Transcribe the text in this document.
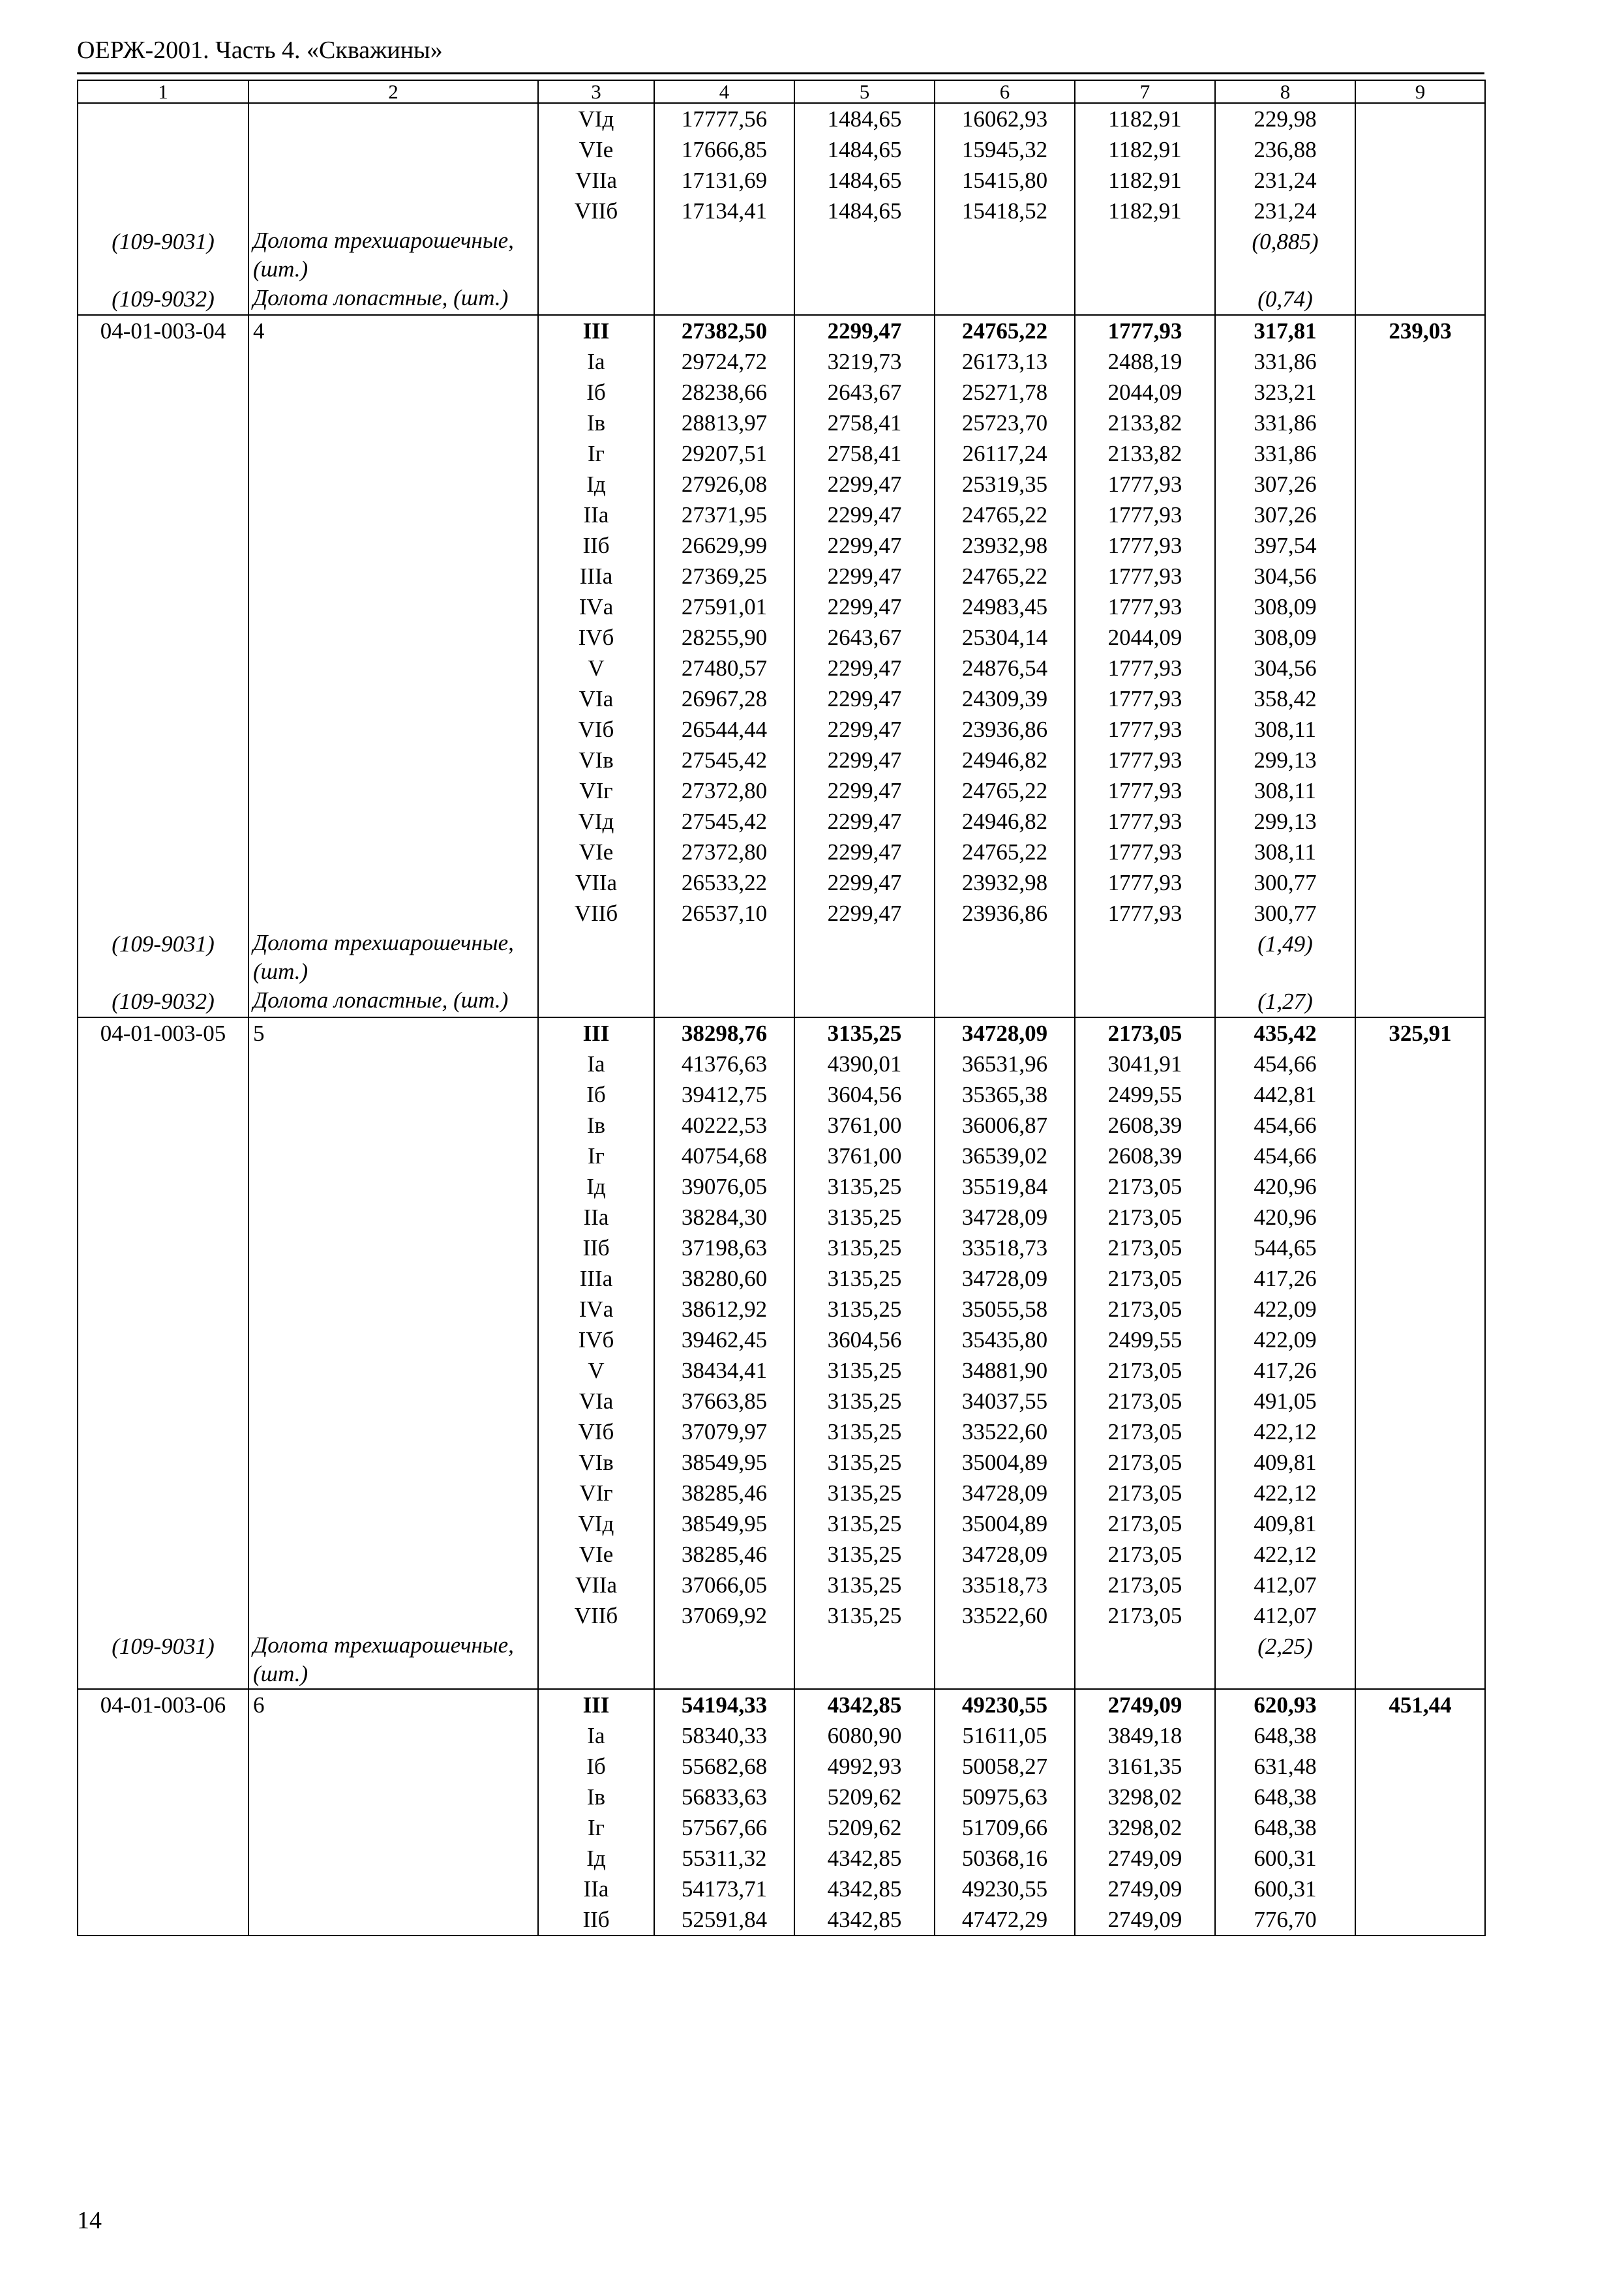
ОЕРЖ-2001. Часть 4. «Скважины»
1	2	3	4	5	6	7	8	9
		VIд	17777,56	1484,65	16062,93	1182,91	229,98	
		VIе	17666,85	1484,65	15945,32	1182,91	236,88	
		VIIа	17131,69	1484,65	15415,80	1182,91	231,24	
		VIIб	17134,41	1484,65	15418,52	1182,91	231,24	
(109-9031)	Долота трехшарошечные, (шт.)						(0,885)	
(109-9032)	Долота лопастные, (шт.)						(0,74)	
04-01-003-04	4	III	27382,50	2299,47	24765,22	1777,93	317,81	239,03
		Iа	29724,72	3219,73	26173,13	2488,19	331,86	
		Iб	28238,66	2643,67	25271,78	2044,09	323,21	
		Iв	28813,97	2758,41	25723,70	2133,82	331,86	
		Iг	29207,51	2758,41	26117,24	2133,82	331,86	
		Iд	27926,08	2299,47	25319,35	1777,93	307,26	
		IIа	27371,95	2299,47	24765,22	1777,93	307,26	
		IIб	26629,99	2299,47	23932,98	1777,93	397,54	
		IIIа	27369,25	2299,47	24765,22	1777,93	304,56	
		IVа	27591,01	2299,47	24983,45	1777,93	308,09	
		IVб	28255,90	2643,67	25304,14	2044,09	308,09	
		V	27480,57	2299,47	24876,54	1777,93	304,56	
		VIа	26967,28	2299,47	24309,39	1777,93	358,42	
		VIб	26544,44	2299,47	23936,86	1777,93	308,11	
		VIв	27545,42	2299,47	24946,82	1777,93	299,13	
		VIг	27372,80	2299,47	24765,22	1777,93	308,11	
		VIд	27545,42	2299,47	24946,82	1777,93	299,13	
		VIе	27372,80	2299,47	24765,22	1777,93	308,11	
		VIIа	26533,22	2299,47	23932,98	1777,93	300,77	
		VIIб	26537,10	2299,47	23936,86	1777,93	300,77	
(109-9031)	Долота трехшарошечные, (шт.)						(1,49)	
(109-9032)	Долота лопастные, (шт.)						(1,27)	
04-01-003-05	5	III	38298,76	3135,25	34728,09	2173,05	435,42	325,91
		Iа	41376,63	4390,01	36531,96	3041,91	454,66	
		Iб	39412,75	3604,56	35365,38	2499,55	442,81	
		Iв	40222,53	3761,00	36006,87	2608,39	454,66	
		Iг	40754,68	3761,00	36539,02	2608,39	454,66	
		Iд	39076,05	3135,25	35519,84	2173,05	420,96	
		IIа	38284,30	3135,25	34728,09	2173,05	420,96	
		IIб	37198,63	3135,25	33518,73	2173,05	544,65	
		IIIа	38280,60	3135,25	34728,09	2173,05	417,26	
		IVа	38612,92	3135,25	35055,58	2173,05	422,09	
		IVб	39462,45	3604,56	35435,80	2499,55	422,09	
		V	38434,41	3135,25	34881,90	2173,05	417,26	
		VIа	37663,85	3135,25	34037,55	2173,05	491,05	
		VIб	37079,97	3135,25	33522,60	2173,05	422,12	
		VIв	38549,95	3135,25	35004,89	2173,05	409,81	
		VIг	38285,46	3135,25	34728,09	2173,05	422,12	
		VIд	38549,95	3135,25	35004,89	2173,05	409,81	
		VIе	38285,46	3135,25	34728,09	2173,05	422,12	
		VIIа	37066,05	3135,25	33518,73	2173,05	412,07	
		VIIб	37069,92	3135,25	33522,60	2173,05	412,07	
(109-9031)	Долота трехшарошечные, (шт.)						(2,25)	
04-01-003-06	6	III	54194,33	4342,85	49230,55	2749,09	620,93	451,44
		Iа	58340,33	6080,90	51611,05	3849,18	648,38	
		Iб	55682,68	4992,93	50058,27	3161,35	631,48	
		Iв	56833,63	5209,62	50975,63	3298,02	648,38	
		Iг	57567,66	5209,62	51709,66	3298,02	648,38	
		Iд	55311,32	4342,85	50368,16	2749,09	600,31	
		IIа	54173,71	4342,85	49230,55	2749,09	600,31	
		IIб	52591,84	4342,85	47472,29	2749,09	776,70	
14
